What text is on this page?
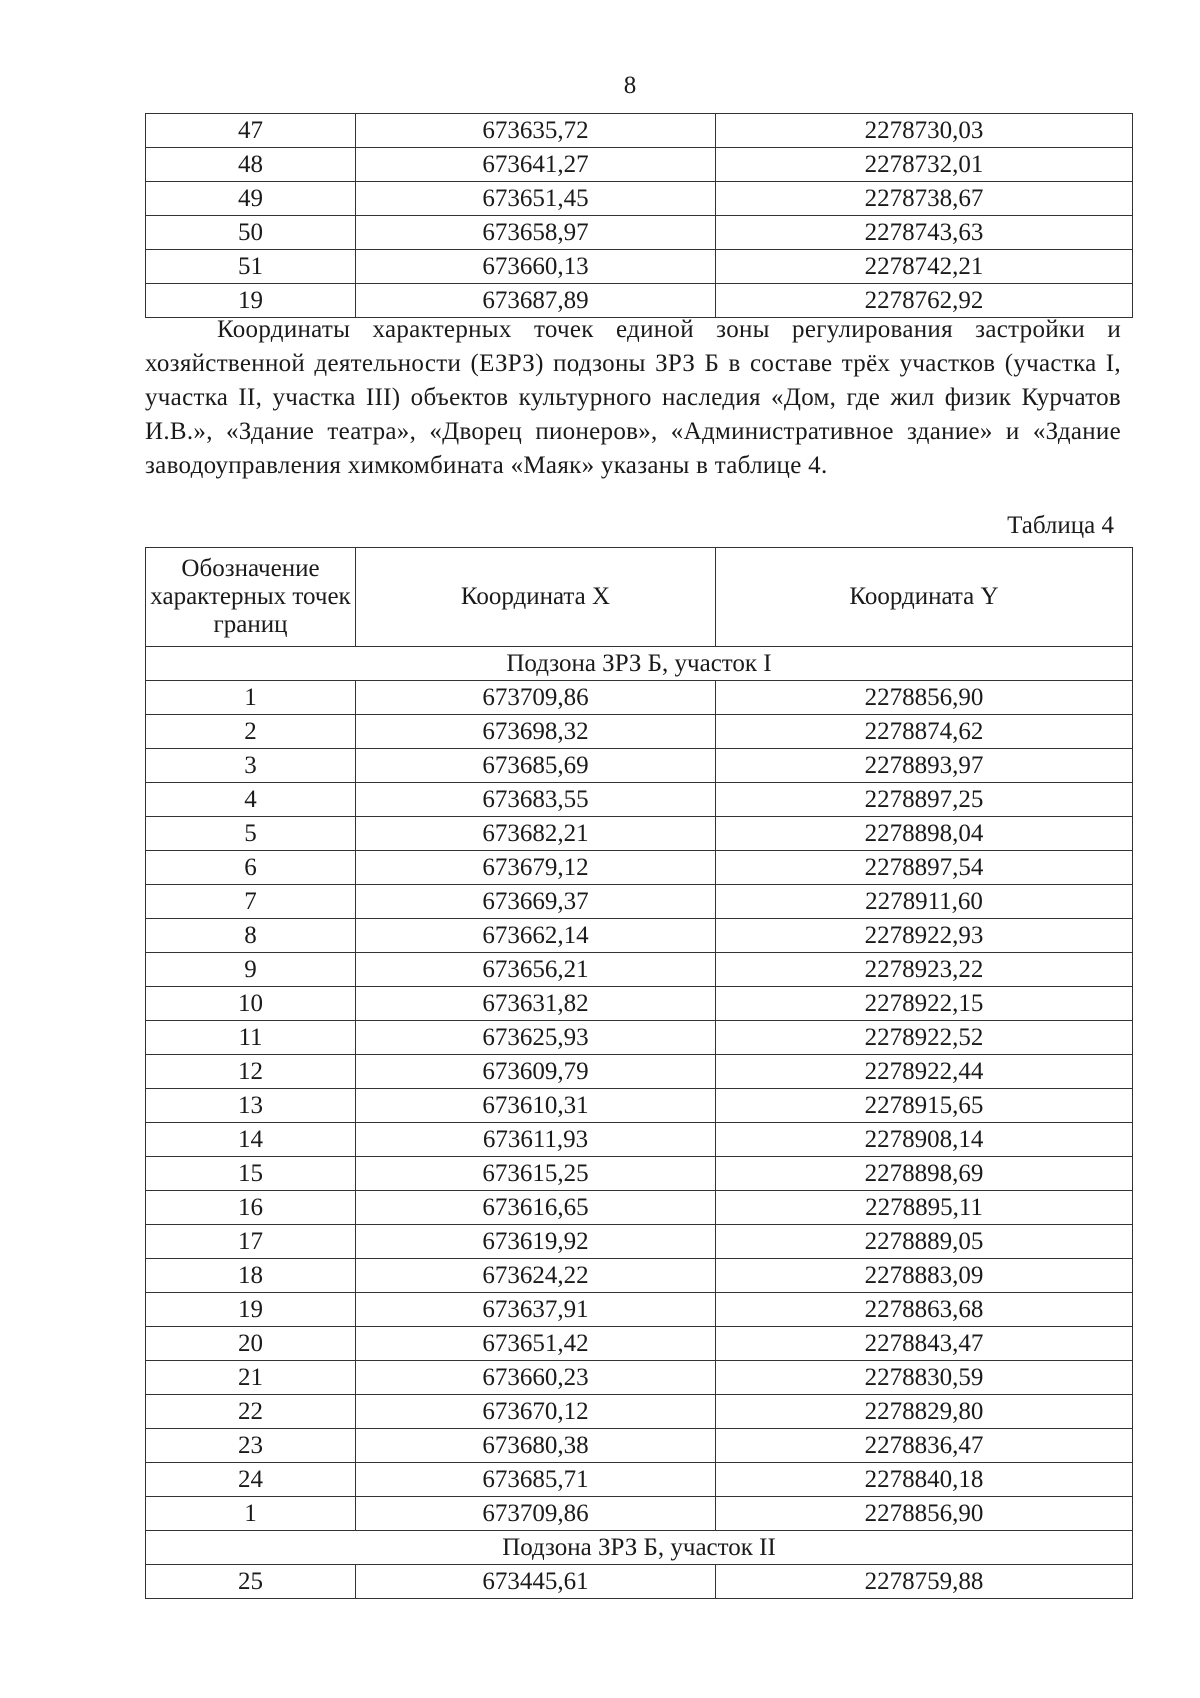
8
47	673635,72	2278730,03
48	673641,27	2278732,01
49	673651,45	2278738,67
50	673658,97	2278743,63
51	673660,13	2278742,21
19	673687,89	2278762,92
Координаты характерных точек единой зоны регулирования застройки и хозяйственной деятельности (ЕЗРЗ) подзоны ЗРЗ Б в составе трёх участков (участка I, участка II, участка III) объектов культурного наследия «Дом, где жил физик Курчатов И.В.», «Здание театра», «Дворец пионеров», «Административное здание» и «Здание заводоуправления химкомбината «Маяк» указаны в таблице 4.
Таблица 4
Обозначение характерных точек границ	Координата X	Координата Y
Подзона ЗРЗ Б, участок I		
1	673709,86	2278856,90
2	673698,32	2278874,62
3	673685,69	2278893,97
4	673683,55	2278897,25
5	673682,21	2278898,04
6	673679,12	2278897,54
7	673669,37	2278911,60
8	673662,14	2278922,93
9	673656,21	2278923,22
10	673631,82	2278922,15
11	673625,93	2278922,52
12	673609,79	2278922,44
13	673610,31	2278915,65
14	673611,93	2278908,14
15	673615,25	2278898,69
16	673616,65	2278895,11
17	673619,92	2278889,05
18	673624,22	2278883,09
19	673637,91	2278863,68
20	673651,42	2278843,47
21	673660,23	2278830,59
22	673670,12	2278829,80
23	673680,38	2278836,47
24	673685,71	2278840,18
1	673709,86	2278856,90
Подзона ЗРЗ Б, участок II		
25	673445,61	2278759,88
